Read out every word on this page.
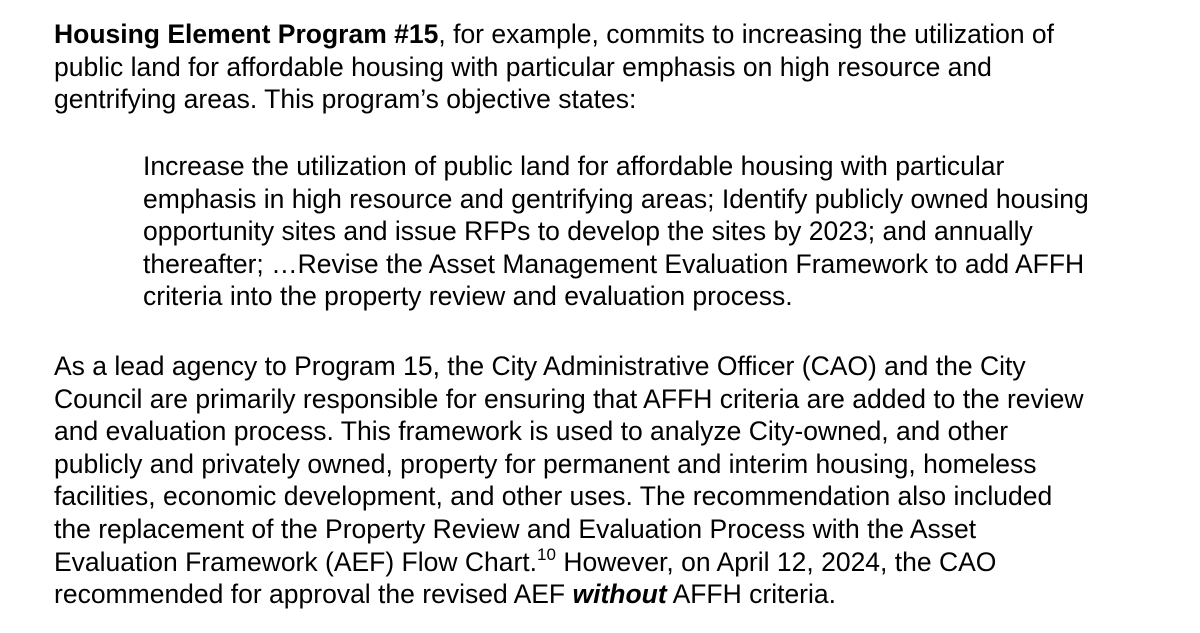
Housing Element Program #15, for example, commits to increasing the utilization of
public land for affordable housing with particular emphasis on high resource and
gentrifying areas. This program’s objective states:
Increase the utilization of public land for affordable housing with particular
emphasis in high resource and gentrifying areas; Identify publicly owned housing
opportunity sites and issue RFPs to develop the sites by 2023; and annually
thereafter; …Revise the Asset Management Evaluation Framework to add AFFH
criteria into the property review and evaluation process.
As a lead agency to Program 15, the City Administrative Officer (CAO) and the City
Council are primarily responsible for ensuring that AFFH criteria are added to the review
and evaluation process. This framework is used to analyze City-owned, and other
publicly and privately owned, property for permanent and interim housing, homeless
facilities, economic development, and other uses. The recommendation also included
the replacement of the Property Review and Evaluation Process with the Asset
Evaluation Framework (AEF) Flow Chart.$^{10}$ However, on April 12, 2024, the CAO
recommended for approval the revised AEF without AFFH criteria.
